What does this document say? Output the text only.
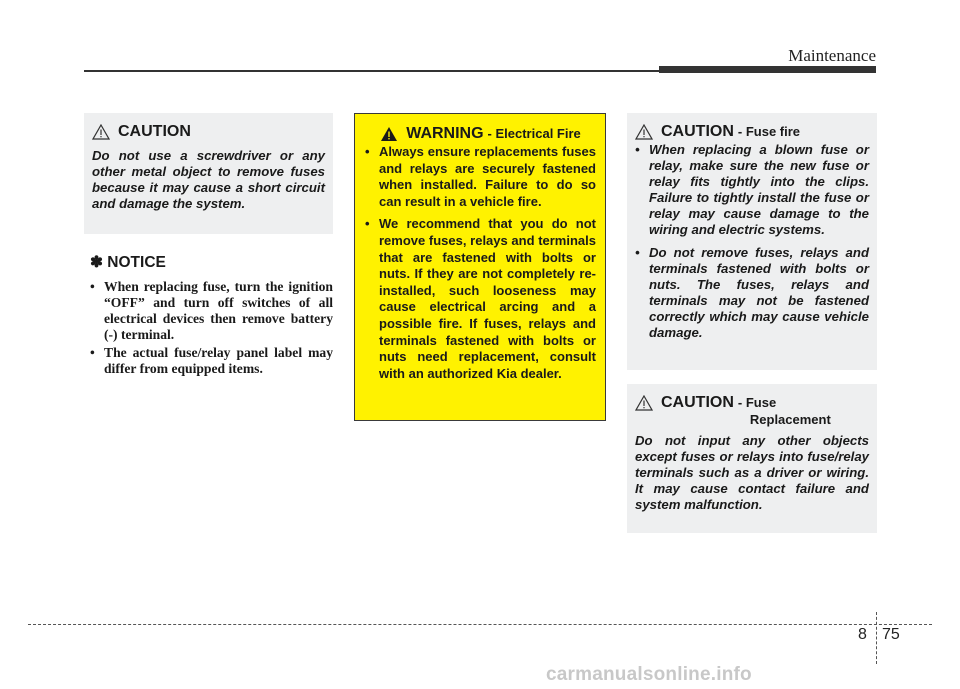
Maintenance
CAUTION

Do not use a screwdriver or any other metal object to remove fuses because it may cause a short circuit and damage the system.

✽ NOTICE
• When replacing fuse, turn the ignition “OFF” and turn off switches of all electrical devices then remove battery (-) terminal.
• The actual fuse/relay panel label may differ from equipped items.
WARNING - Electrical Fire
• Always ensure replacements fuses and relays are securely fastened when installed. Failure to do so can result in a vehicle fire.
• We recommend that you do not remove fuses, relays and terminals that are fastened with bolts or nuts. If they are not completely re-installed, such looseness may cause electrical arcing and a possible fire. If fuses, relays and terminals fastened with bolts or nuts need replacement, consult with an authorized Kia dealer.
CAUTION - Fuse fire
• When replacing a blown fuse or relay, make sure the new fuse or relay fits tightly into the clips. Failure to tightly install the fuse or relay may cause damage to the wiring and electric systems.
• Do not remove fuses, relays and terminals fastened with bolts or nuts. The fuses, relays and terminals may not be fastened correctly which may cause vehicle damage.
CAUTION - Fuse
Replacement

Do not input any other objects except fuses or relays into fuse/relay terminals such as a driver or wiring. It may cause contact failure and system malfunction.

8 75
carmanualsonline.info
